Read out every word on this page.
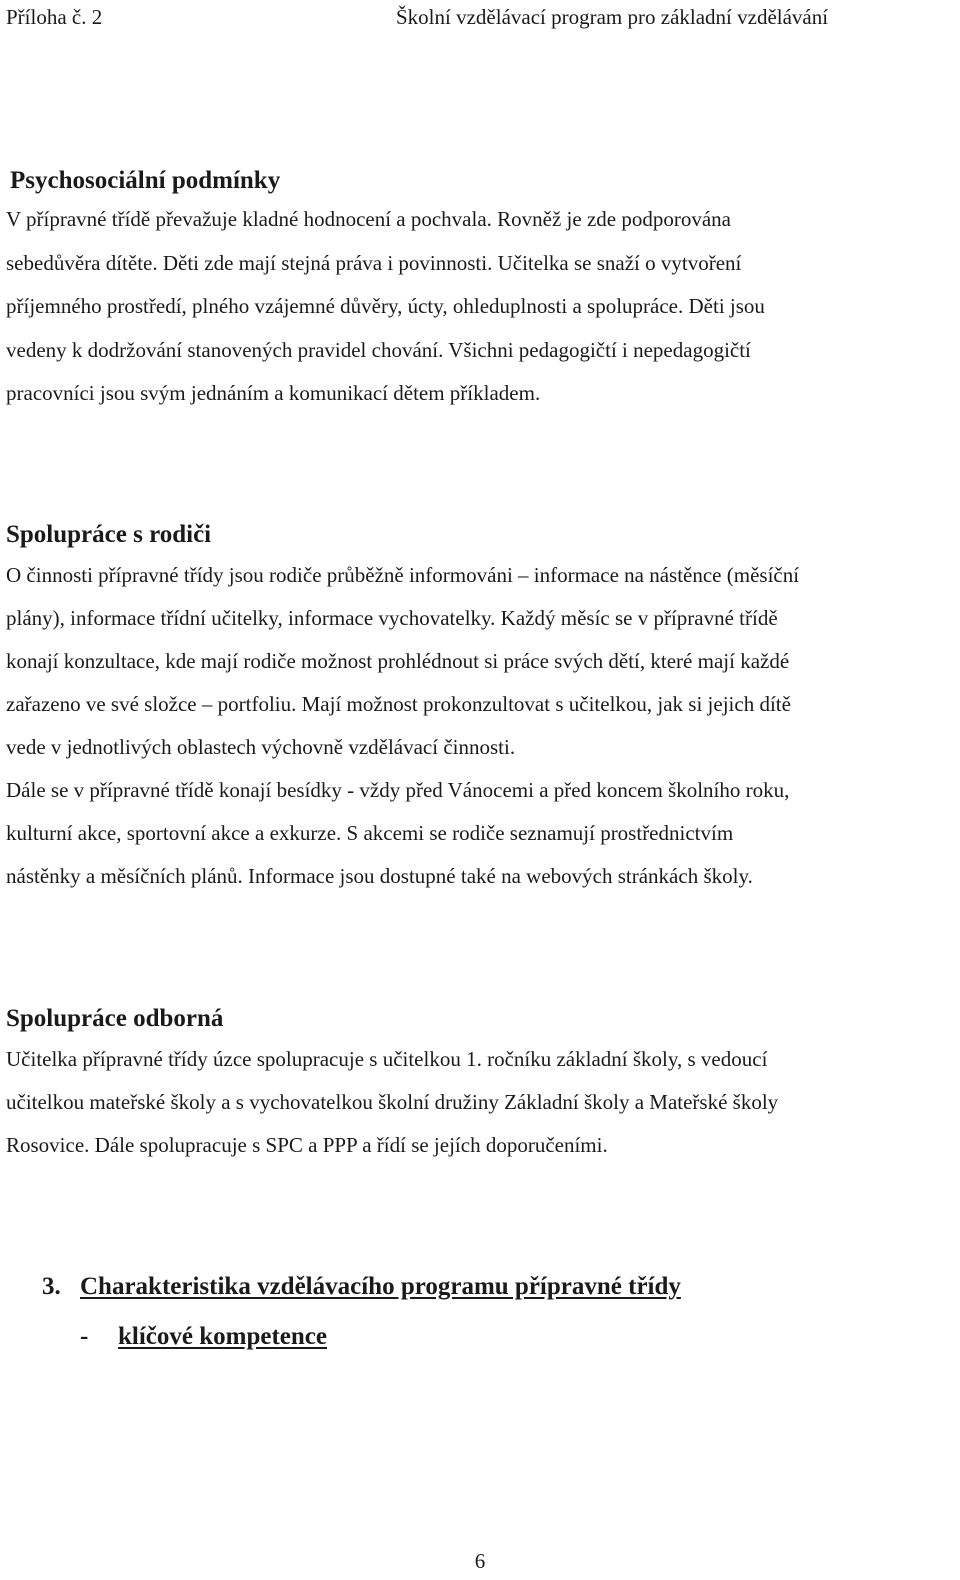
Příloha č. 2	Školní vzdělávací program pro základní vzdělávání
Psychosociální podmínky

V přípravné třídě převažuje kladné hodnocení a pochvala. Rovněž je zde podporována

sebedůvěra dítěte. Děti zde mají stejná práva i povinnosti. Učitelka se snaží o vytvoření

příjemného prostředí, plného vzájemné důvěry, úcty, ohleduplnosti a spolupráce. Děti jsou

vedeny k dodržování stanovených pravidel chování. Všichni pedagogičtí i nepedagogičtí

pracovníci jsou svým jednáním a komunikací dětem příkladem.

Spolupráce s rodiči

O činnosti přípravné třídy jsou rodiče průběžně informováni – informace na nástěnce (měsíční

plány), informace třídní učitelky, informace vychovatelky. Každý měsíc se v přípravné třídě

konají konzultace, kde mají rodiče možnost prohlédnout si práce svých dětí, které mají každé

zařazeno ve své složce – portfoliu. Mají možnost prokonzultovat s učitelkou, jak si jejich dítě

vede v jednotlivých oblastech výchovně vzdělávací činnosti.

Dále se v přípravné třídě konají besídky - vždy před Vánocemi a před koncem školního roku,

kulturní akce, sportovní akce a exkurze. S akcemi se rodiče seznamují prostřednictvím

nástěnky a měsíčních plánů. Informace jsou dostupné také na webových stránkách školy.

Spolupráce odborná

Učitelka přípravné třídy úzce spolupracuje s učitelkou 1. ročníku základní školy, s vedoucí

učitelkou mateřské školy a s vychovatelkou školní družiny Základní školy a Mateřské školy

Rosovice. Dále spolupracuje s SPC a PPP a řídí se jejích doporučeními.

3. Charakteristika vzdělávacího programu přípravné třídy
- klíčové kompetence
6
